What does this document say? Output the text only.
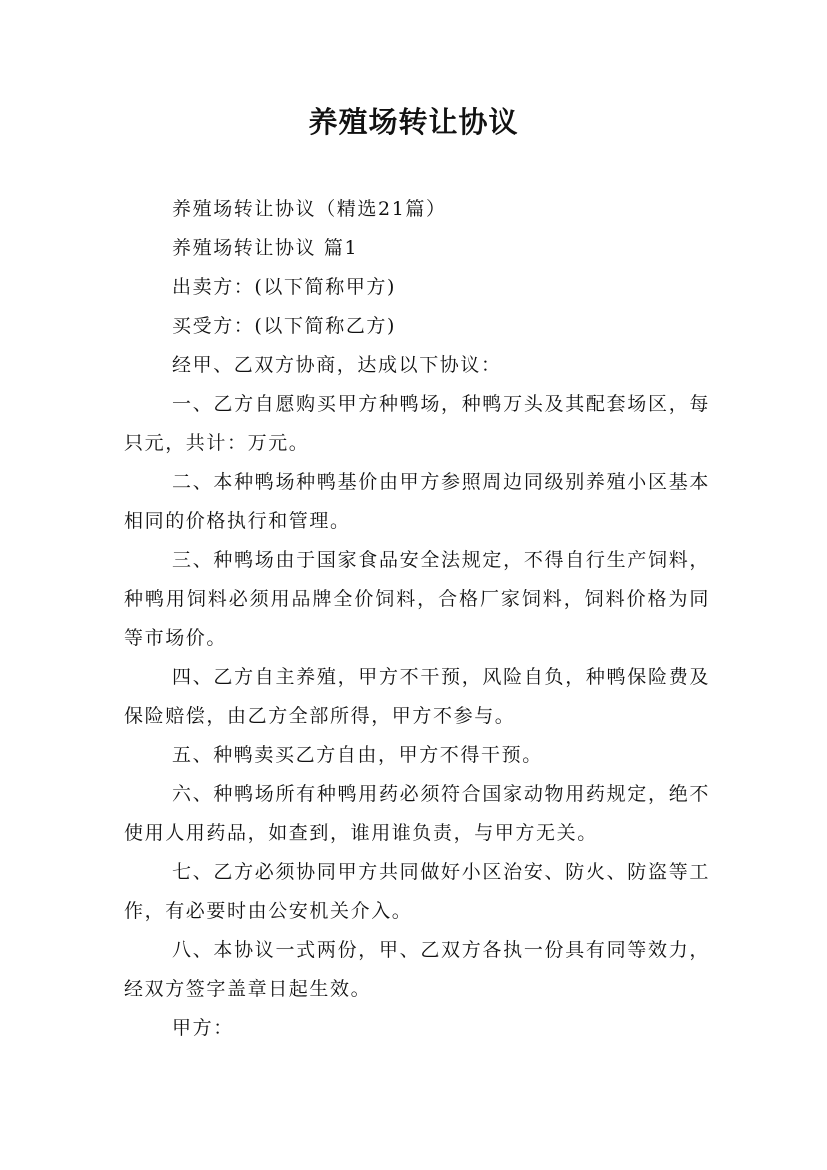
养殖场转让协议

养殖场转让协议（精选21篇）

养殖场转让协议 篇1

出卖方：(以下简称甲方)

买受方：(以下简称乙方)

经甲、乙双方协商，达成以下协议：

一、乙方自愿购买甲方种鸭场，种鸭万头及其配套场区，每只元，共计：万元。

二、本种鸭场种鸭基价由甲方参照周边同级别养殖小区基本相同的价格执行和管理。

三、种鸭场由于国家食品安全法规定，不得自行生产饲料，种鸭用饲料必须用品牌全价饲料，合格厂家饲料，饲料价格为同等市场价。

四、乙方自主养殖，甲方不干预，风险自负，种鸭保险费及保险赔偿，由乙方全部所得，甲方不参与。

五、种鸭卖买乙方自由，甲方不得干预。

六、种鸭场所有种鸭用药必须符合国家动物用药规定，绝不使用人用药品，如查到，谁用谁负责，与甲方无关。

七、乙方必须协同甲方共同做好小区治安、防火、防盗等工作，有必要时由公安机关介入。

八、本协议一式两份，甲、乙双方各执一份具有同等效力，经双方签字盖章日起生效。

甲方：
